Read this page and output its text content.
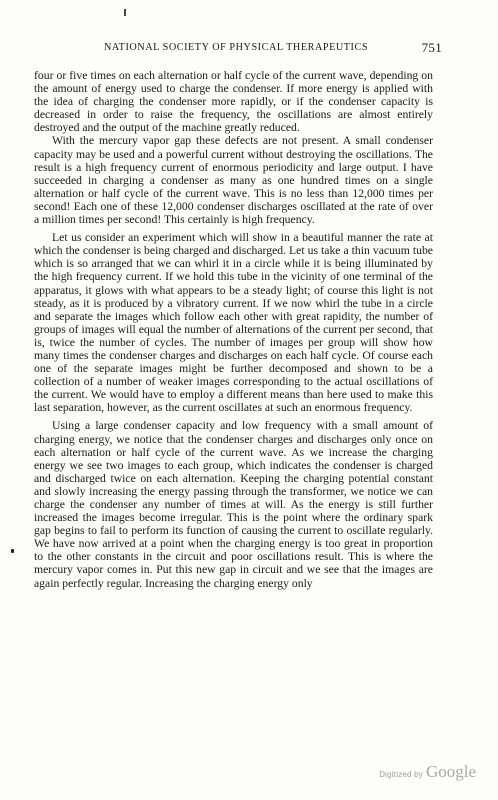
NATIONAL SOCIETY OF PHYSICAL THERAPEUTICS	751

four or five times on each alternation or half cycle of the current wave, depending on the amount of energy used to charge the condenser. If more energy is applied with the idea of charging the condenser more rapidly, or if the condenser capacity is decreased in order to raise the frequency, the oscillations are almost entirely destroyed and the output of the machine greatly reduced.

With the mercury vapor gap these defects are not present. A small condenser capacity may be used and a powerful current without destroying the oscillations. The result is a high frequency current of enormous periodicity and large output. I have succeeded in charging a condenser as many as one hundred times on a single alternation or half cycle of the current wave. This is no less than 12,000 times per second! Each one of these 12,000 condenser discharges oscillated at the rate of over a million times per second! This certainly is high frequency.

Let us consider an experiment which will show in a beautiful manner the rate at which the condenser is being charged and discharged. Let us take a thin vacuum tube which is so arranged that we can whirl it in a circle while it is being illuminated by the high frequency current. If we hold this tube in the vicinity of one terminal of the apparatus, it glows with what appears to be a steady light; of course this light is not steady, as it is produced by a vibratory current. If we now whirl the tube in a circle and separate the images which follow each other with great rapidity, the number of groups of images will equal the number of alternations of the current per second, that is, twice the number of cycles. The number of images per group will show how many times the condenser charges and discharges on each half cycle. Of course each one of the separate images might be further decomposed and shown to be a collection of a number of weaker images corresponding to the actual oscillations of the current. We would have to employ a different means than here used to make this last separation, however, as the current oscillates at such an enormous frequency.

Using a large condenser capacity and low frequency with a small amount of charging energy, we notice that the condenser charges and discharges only once on each alternation or half cycle of the current wave. As we increase the charging energy we see two images to each group, which indicates the condenser is charged and discharged twice on each alternation. Keeping the charging potential constant and slowly increasing the energy passing through the transformer, we notice we can charge the condenser any number of times at will. As the energy is still further increased the images become irregular. This is the point where the ordinary spark gap begins to fail to perform its function of causing the current to oscillate regularly. We have now arrived at a point when the charging energy is too great in proportion to the other constants in the circuit and poor oscillations result. This is where the mercury vapor comes in. Put this new gap in circuit and we see that the images are again perfectly regular. Increasing the charging energy only

Digitized by Google
